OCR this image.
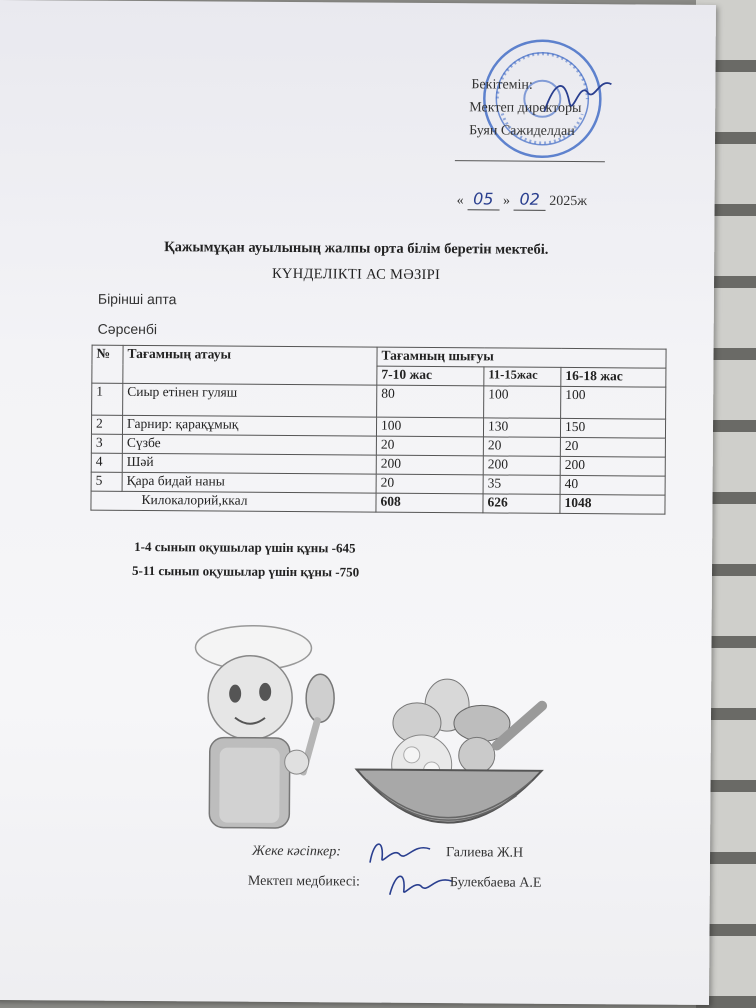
Бекітемін:
Мектеп директоры
Буян Сажиделдан
« 05 » 02 2025ж
Қажымұқан ауылының жалпы орта білім беретін мектебі.
КҮНДЕЛІКТІ АС МӘЗІРІ
Бірінші апта
Сәрсенбі
№	Тағамның атауы	Тағамның шығуы		
		7-10 жас	11-15жас	16-18 жас
1	Сиыр етінен гуляш	80	100	100
2	Гарнир: қарақұмық	100	130	150
3	Сүзбе	20	20	20
4	Шәй	200	200	200
5	Қара бидай наны	20	35	40
Килокалорий,ккал		608	626	1048
1-4 сынып оқушылар үшін құны -645
5-11 сынып оқушылар үшін құны -750
Жеке кәсіпкер:	Галиева Ж.Н
Мектеп медбикесі:	Булекбаева А.Е
